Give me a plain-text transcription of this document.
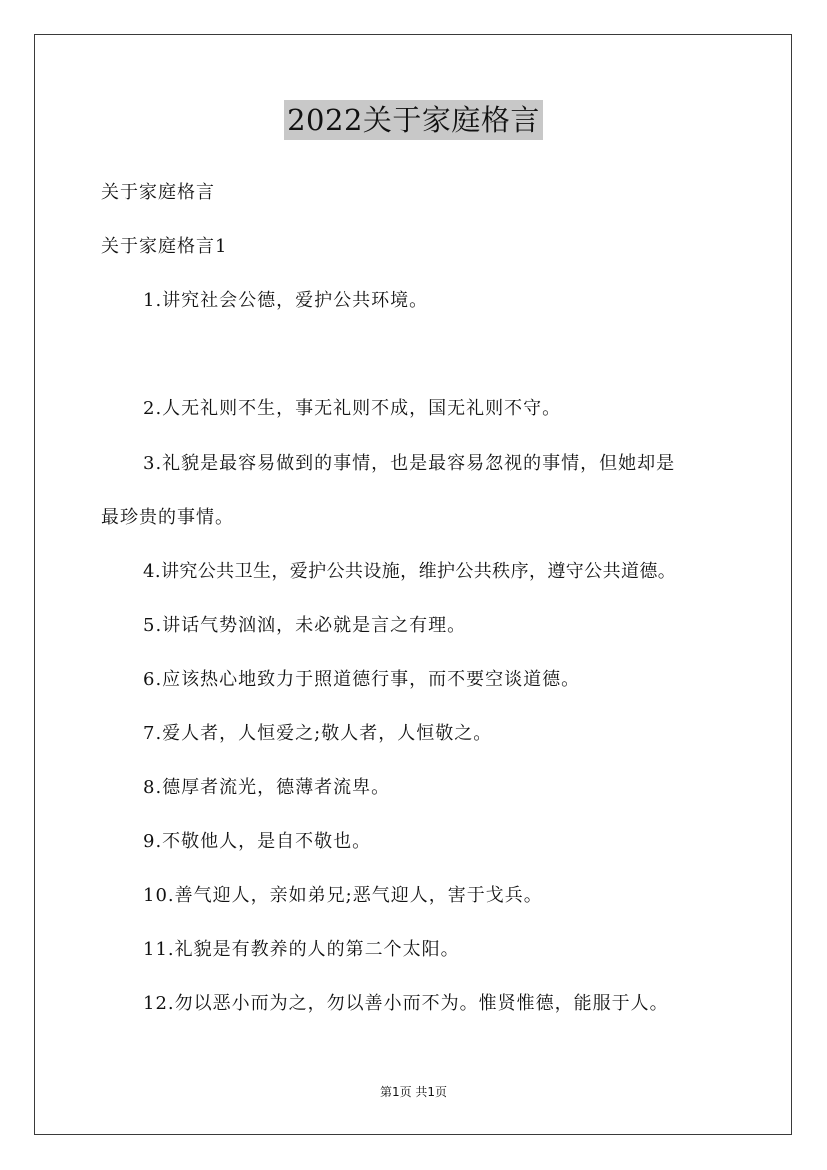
2022关于家庭格言
关于家庭格言
关于家庭格言1
1.讲究社会公德，爱护公共环境。
2.人无礼则不生，事无礼则不成，国无礼则不守。
3.礼貌是最容易做到的事情，也是最容易忽视的事情，但她却是
最珍贵的事情。
4.讲究公共卫生，爱护公共设施，维护公共秩序，遵守公共道德。
5.讲话气势汹汹，未必就是言之有理。
6.应该热心地致力于照道德行事，而不要空谈道德。
7.爱人者，人恒爱之;敬人者，人恒敬之。
8.德厚者流光，德薄者流卑。
9.不敬他人，是自不敬也。
10.善气迎人，亲如弟兄;恶气迎人，害于戈兵。
11.礼貌是有教养的人的第二个太阳。
12.勿以恶小而为之，勿以善小而不为。惟贤惟德，能服于人。
第1页 共1页
